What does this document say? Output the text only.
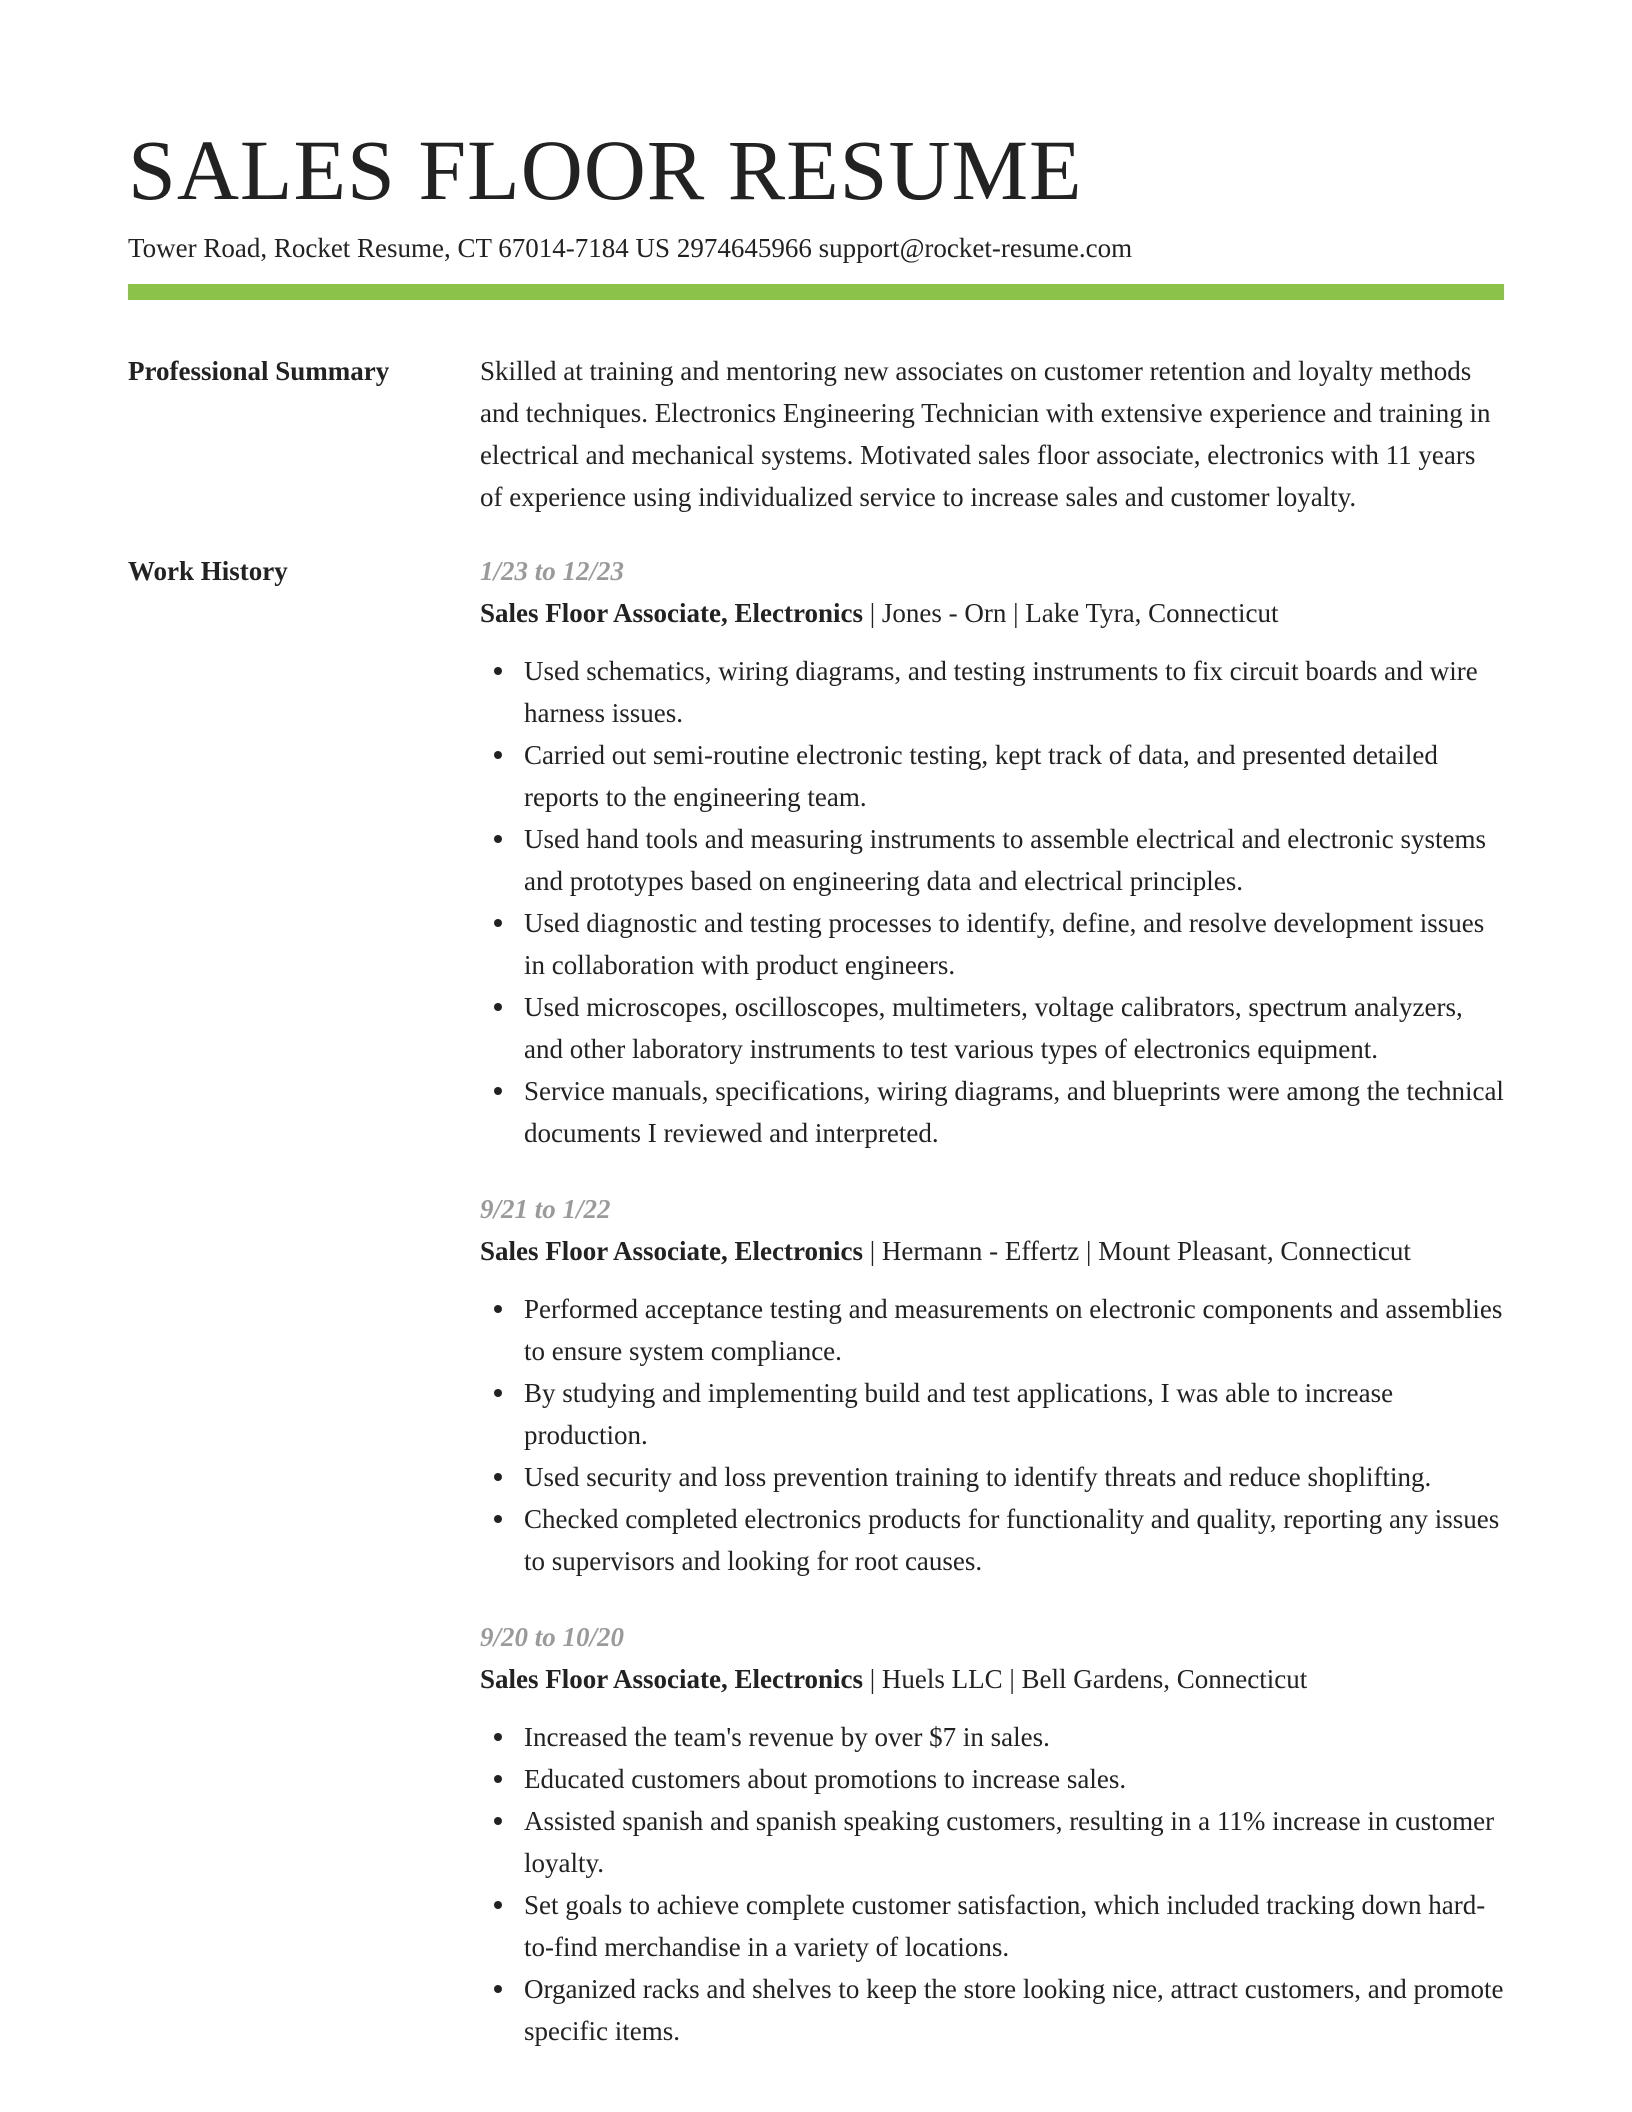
SALES FLOOR RESUME
Tower Road, Rocket Resume, CT 67014-7184 US 2974645966 support@rocket-resume.com
Professional Summary	Skilled at training and mentoring new associates on customer retention and loyalty methods and techniques. Electronics Engineering Technician with extensive experience and training in electrical and mechanical systems. Motivated sales floor associate, electronics with 11 years of experience using individualized service to increase sales and customer loyalty.
Work History	1/23 to 12/23
Sales Floor Associate, Electronics | Jones - Orn | Lake Tyra, Connecticut
Used schematics, wiring diagrams, and testing instruments to fix circuit boards and wire harness issues.
Carried out semi-routine electronic testing, kept track of data, and presented detailed reports to the engineering team.
Used hand tools and measuring instruments to assemble electrical and electronic systems and prototypes based on engineering data and electrical principles.
Used diagnostic and testing processes to identify, define, and resolve development issues in collaboration with product engineers.
Used microscopes, oscilloscopes, multimeters, voltage calibrators, spectrum analyzers, and other laboratory instruments to test various types of electronics equipment.
Service manuals, specifications, wiring diagrams, and blueprints were among the technical documents I reviewed and interpreted.
9/21 to 1/22
Sales Floor Associate, Electronics | Hermann - Effertz | Mount Pleasant, Connecticut
Performed acceptance testing and measurements on electronic components and assemblies to ensure system compliance.
By studying and implementing build and test applications, I was able to increase production.
Used security and loss prevention training to identify threats and reduce shoplifting.
Checked completed electronics products for functionality and quality, reporting any issues to supervisors and looking for root causes.
9/20 to 10/20
Sales Floor Associate, Electronics | Huels LLC | Bell Gardens, Connecticut
Increased the team's revenue by over $7 in sales.
Educated customers about promotions to increase sales.
Assisted spanish and spanish speaking customers, resulting in a 11% increase in customer loyalty.
Set goals to achieve complete customer satisfaction, which included tracking down hard-to-find merchandise in a variety of locations.
Organized racks and shelves to keep the store looking nice, attract customers, and promote specific items.
